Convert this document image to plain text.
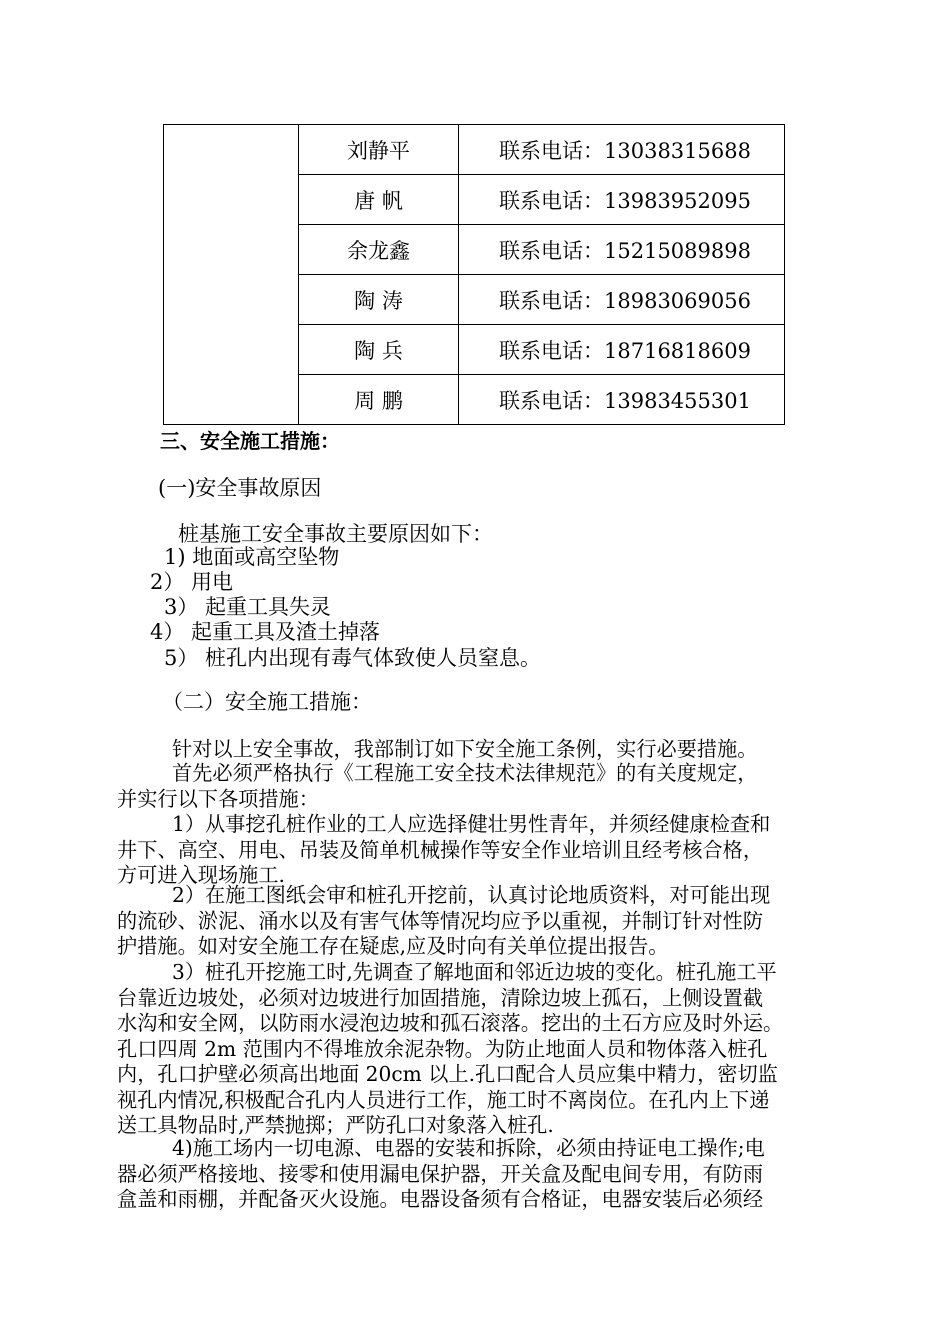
	刘静平	联系电话：13038315688
	唐 帆	联系电话：13983952095
	余龙鑫	联系电话：15215089898
	陶 涛	联系电话：18983069056
	陶 兵	联系电话：18716818609
	周 鹏	联系电话：13983455301
三、安全施工措施：
(一)安全事故原因
桩基施工安全事故主要原因如下：
1) 地面或高空坠物
2） 用电
3） 起重工具失灵
4） 起重工具及渣土掉落
5） 桩孔内出现有毒气体致使人员窒息。
（二）安全施工措施：
针对以上安全事故，我部制订如下安全施工条例，实行必要措施。
首先必须严格执行《工程施工安全技术法律规范》的有关度规定，
并实行以下各项措施：
1）从事挖孔桩作业的工人应选择健壮男性青年，并须经健康检查和
井下、高空、用电、吊装及简单机械操作等安全作业培训且经考核合格，
方可进入现场施工.
2）在施工图纸会审和桩孔开挖前，认真讨论地质资料，对可能出现
的流砂、淤泥、涌水以及有害气体等情况均应予以重视，并制订针对性防
护措施。如对安全施工存在疑虑,应及时向有关单位提出报告。
3）桩孔开挖施工时,先调查了解地面和邻近边坡的变化。桩孔施工平
台靠近边坡处，必须对边坡进行加固措施，清除边坡上孤石，上侧设置截
水沟和安全网，以防雨水浸泡边坡和孤石滚落。挖出的土石方应及时外运。
孔口四周 2m 范围内不得堆放余泥杂物。为防止地面人员和物体落入桩孔
内，孔口护壁必须高出地面 20cm 以上.孔口配合人员应集中精力，密切监
视孔内情况,积极配合孔内人员进行工作，施工时不离岗位。在孔内上下递
送工具物品时,严禁抛掷；严防孔口对象落入桩孔.
4)施工场内一切电源、电器的安装和拆除，必须由持证电工操作;电
器必须严格接地、接零和使用漏电保护器，开关盒及配电间专用，有防雨
盒盖和雨棚，并配备灭火设施。电器设备须有合格证，电器安装后必须经
